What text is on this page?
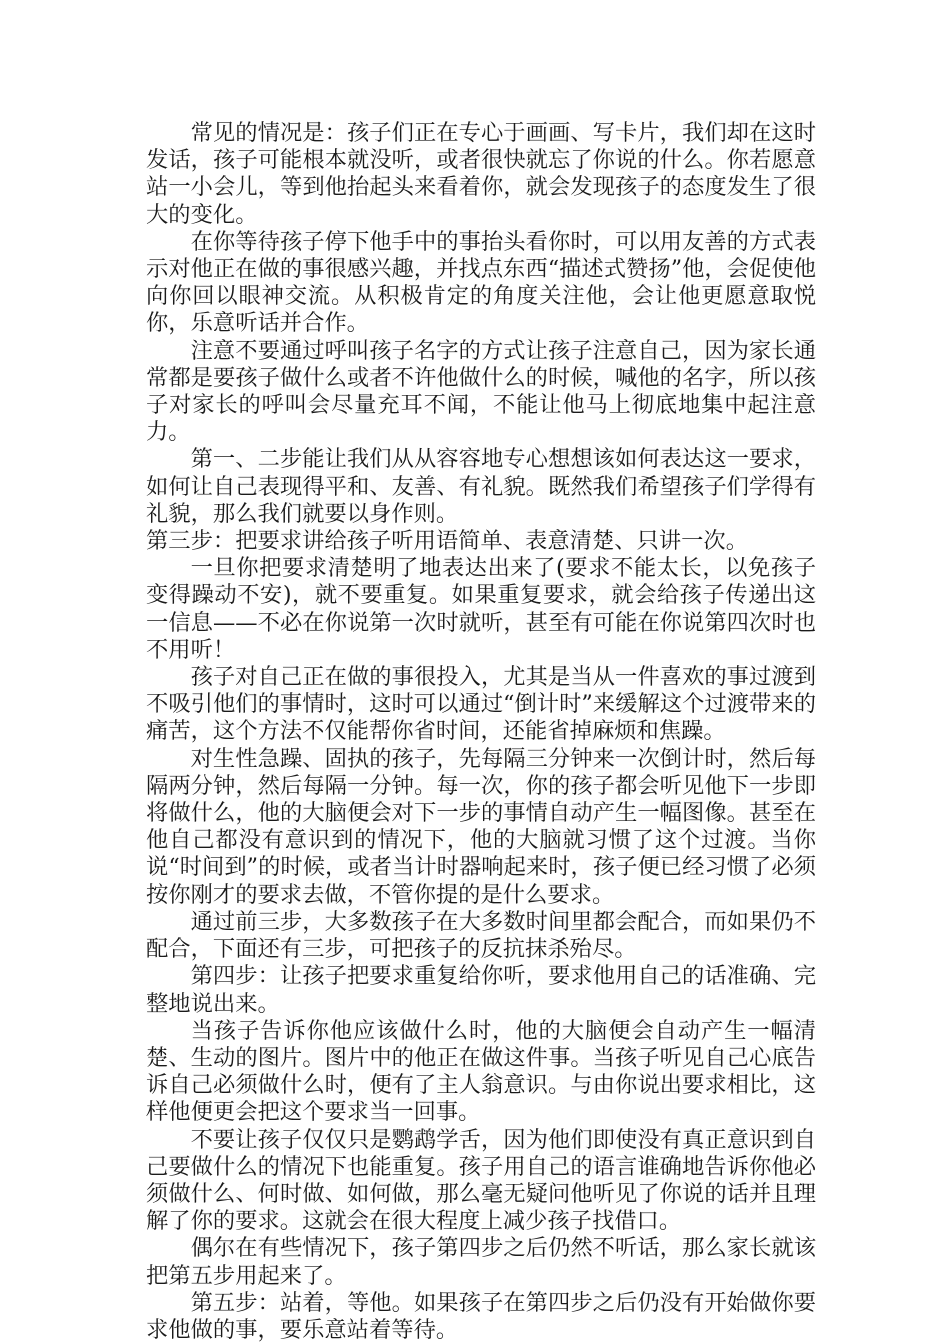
常见的情况是：孩子们正在专心于画画、写卡片，我们却在这时发话，孩子可能根本就没听，或者很快就忘了你说的什么。你若愿意站一小会儿，等到他抬起头来看着你，就会发现孩子的态度发生了很大的变化。

在你等待孩子停下他手中的事抬头看你时，可以用友善的方式表示对他正在做的事很感兴趣，并找点东西“描述式赞扬”他，会促使他向你回以眼神交流。从积极肯定的角度关注他，会让他更愿意取悦你，乐意听话并合作。

注意不要通过呼叫孩子名字的方式让孩子注意自己，因为家长通常都是要孩子做什么或者不许他做什么的时候，喊他的名字，所以孩子对家长的呼叫会尽量充耳不闻，不能让他马上彻底地集中起注意力。

第一、二步能让我们从从容容地专心想想该如何表达这一要求，如何让自己表现得平和、友善、有礼貌。既然我们希望孩子们学得有礼貌，那么我们就要以身作则。

第三步：把要求讲给孩子听用语简单、表意清楚、只讲一次。

一旦你把要求清楚明了地表达出来了(要求不能太长，以免孩子变得躁动不安)，就不要重复。如果重复要求，就会给孩子传递出这一信息——不必在你说第一次时就听，甚至有可能在你说第四次时也不用听！

孩子对自己正在做的事很投入，尤其是当从一件喜欢的事过渡到不吸引他们的事情时，这时可以通过“倒计时”来缓解这个过渡带来的痛苦，这个方法不仅能帮你省时间，还能省掉麻烦和焦躁。

对生性急躁、固执的孩子，先每隔三分钟来一次倒计时，然后每隔两分钟，然后每隔一分钟。每一次，你的孩子都会听见他下一步即将做什么，他的大脑便会对下一步的事情自动产生一幅图像。甚至在他自己都没有意识到的情况下，他的大脑就习惯了这个过渡。当你说“时间到”的时候，或者当计时器响起来时，孩子便已经习惯了必须按你刚才的要求去做，不管你提的是什么要求。

通过前三步，大多数孩子在大多数时间里都会配合，而如果仍不配合，下面还有三步，可把孩子的反抗抹杀殆尽。

第四步：让孩子把要求重复给你听，要求他用自己的话准确、完整地说出来。

当孩子告诉你他应该做什么时，他的大脑便会自动产生一幅清楚、生动的图片。图片中的他正在做这件事。当孩子听见自己心底告诉自己必须做什么时，便有了主人翁意识。与由你说出要求相比，这样他便更会把这个要求当一回事。

不要让孩子仅仅只是鹦鹉学舌，因为他们即使没有真正意识到自己要做什么的情况下也能重复。孩子用自己的语言谁确地告诉你他必须做什么、何时做、如何做，那么毫无疑问他听见了你说的话并且理解了你的要求。这就会在很大程度上减少孩子找借口。

偶尔在有些情况下，孩子第四步之后仍然不听话，那么家长就该把第五步用起来了。

第五步：站着，等他。如果孩子在第四步之后仍没有开始做你要求他做的事，要乐意站着等待。
